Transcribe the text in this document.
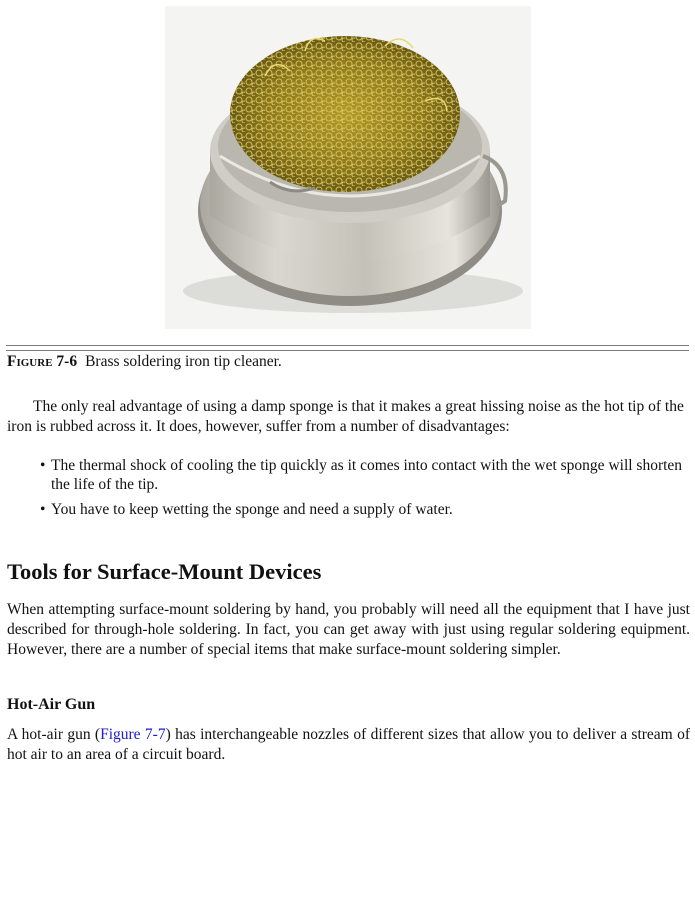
Figure 7-6 Brass soldering iron tip cleaner.

The only real advantage of using a damp sponge is that it makes a great hissing noise as the hot tip of the iron is rubbed across it. It does, however, suffer from a number of disadvantages:

• The thermal shock of cooling the tip quickly as it comes into contact with the wet sponge will shorten the life of the tip.
• You have to keep wetting the sponge and need a supply of water.
Tools for Surface-Mount Devices

When attempting surface-mount soldering by hand, you probably will need all the equipment that I have just described for through-hole soldering. In fact, you can get away with just using regular soldering equipment. However, there are a number of special items that make surface-mount soldering simpler.

Hot-Air Gun

A hot-air gun (Figure 7-7) has interchangeable nozzles of different sizes that allow you to deliver a stream of hot air to an area of a circuit board.
